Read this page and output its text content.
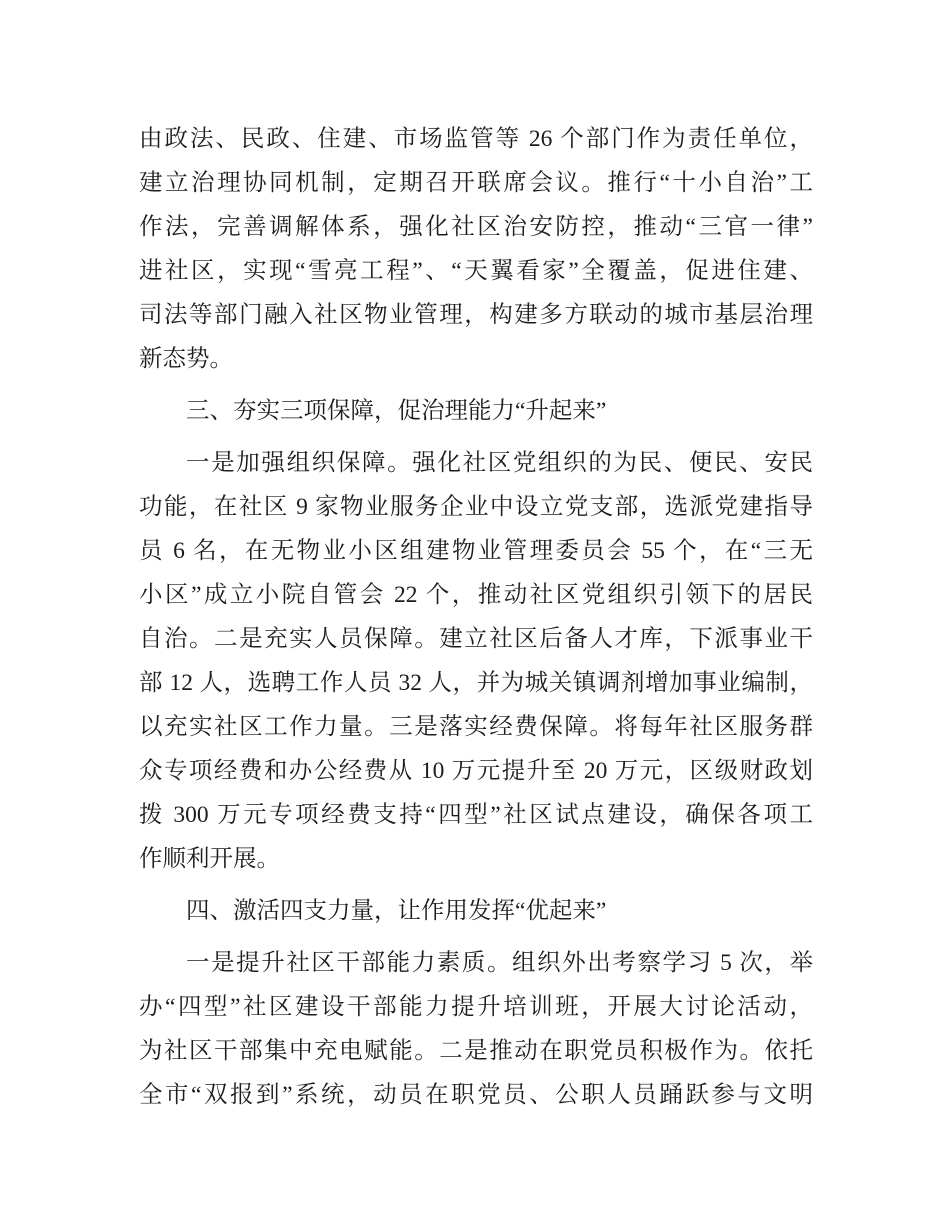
由政法、民政、住建、市场监管等 26 个部门作为责任单位，
建立治理协同机制，定期召开联席会议。推行“十小自治”工
作法，完善调解体系，强化社区治安防控，推动“三官一律”
进社区，实现“雪亮工程”、“天翼看家”全覆盖，促进住建、
司法等部门融入社区物业管理，构建多方联动的城市基层治理
新态势。
三、夯实三项保障，促治理能力“升起来”
一是加强组织保障。强化社区党组织的为民、便民、安民
功能，在社区 9 家物业服务企业中设立党支部，选派党建指导
员 6 名，在无物业小区组建物业管理委员会 55 个，在“三无
小区”成立小院自管会 22 个，推动社区党组织引领下的居民
自治。二是充实人员保障。建立社区后备人才库，下派事业干
部 12 人，选聘工作人员 32 人，并为城关镇调剂增加事业编制，
以充实社区工作力量。三是落实经费保障。将每年社区服务群
众专项经费和办公经费从 10 万元提升至 20 万元，区级财政划
拨 300 万元专项经费支持“四型”社区试点建设，确保各项工
作顺利开展。
四、激活四支力量，让作用发挥“优起来”
一是提升社区干部能力素质。组织外出考察学习 5 次，举
办“四型”社区建设干部能力提升培训班，开展大讨论活动，
为社区干部集中充电赋能。二是推动在职党员积极作为。依托
全市“双报到”系统，动员在职党员、公职人员踊跃参与文明
